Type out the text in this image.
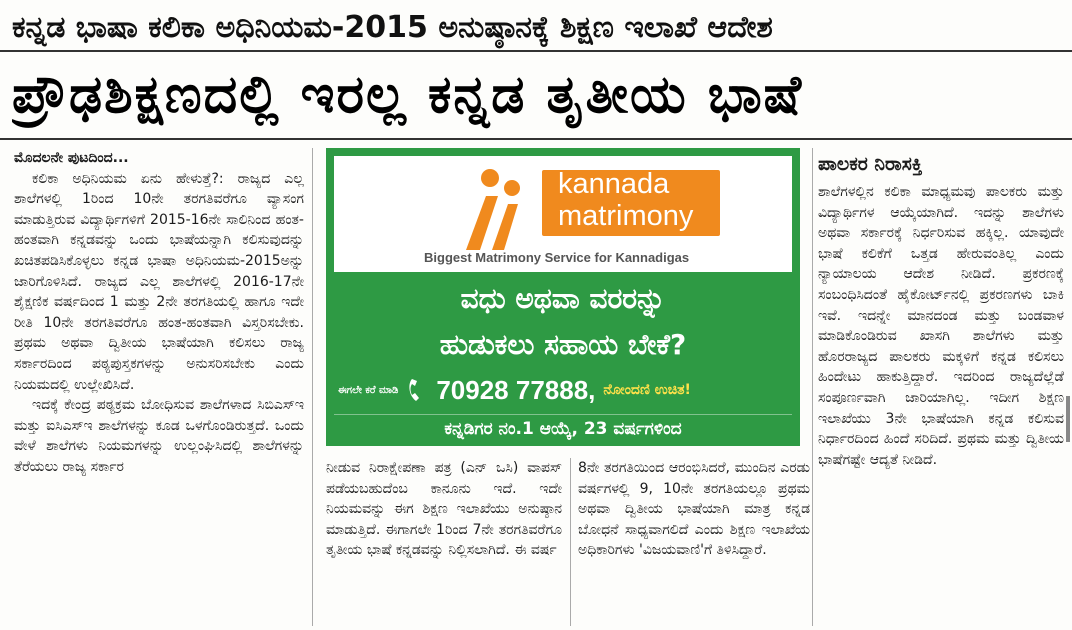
ಕನ್ನಡ ಭಾಷಾ ಕಲಿಕಾ ಅಧಿನಿಯಮ-2015 ಅನುಷ್ಠಾನಕ್ಕೆ ಶಿಕ್ಷಣ ಇಲಾಖೆ ಆದೇಶ
ಪ್ರೌಢಶಿಕ್ಷಣದಲ್ಲಿ ಇರಲ್ಲ ಕನ್ನಡ ತೃತೀಯ ಭಾಷೆ

ಮೊದಲನೇ ಪುಟದಿಂದ...

ಕಲಿಕಾ ಅಧಿನಿಯಮ ಏನು ಹೇಳುತ್ತೆ?: ರಾಜ್ಯದ ಎಲ್ಲ ಶಾಲೆಗಳಲ್ಲಿ 1ರಿಂದ 10ನೇ ತರಗತಿವರೆಗೂ ವ್ಯಾಸಂಗ ಮಾಡುತ್ತಿರುವ ವಿದ್ಯಾರ್ಥಿಗಳಿಗೆ 2015-16ನೇ ಸಾಲಿನಿಂದ ಹಂತ-ಹಂತವಾಗಿ ಕನ್ನಡವನ್ನು ಒಂದು ಭಾಷೆಯನ್ನಾಗಿ ಕಲಿಸುವುದನ್ನು ಖಚಿತಪಡಿಸಿಕೊಳ್ಳಲು ಕನ್ನಡ ಭಾಷಾ ಅಧಿನಿಯಮ-2015ಅನ್ನು ಜಾರಿಗೊಳಿಸಿದೆ. ರಾಜ್ಯದ ಎಲ್ಲ ಶಾಲೆಗಳಲ್ಲಿ 2016-17ನೇ ಶೈಕ್ಷಣಿಕ ವರ್ಷದಿಂದ 1 ಮತ್ತು 2ನೇ ತರಗತಿಯಲ್ಲಿ ಹಾಗೂ ಇದೇ ರೀತಿ 10ನೇ ತರಗತಿವರೆಗೂ ಹಂತ-ಹಂತವಾಗಿ ವಿಸ್ತರಿಸಬೇಕು. ಪ್ರಥಮ ಅಥವಾ ದ್ವಿತೀಯ ಭಾಷೆಯಾಗಿ ಕಲಿಸಲು ರಾಜ್ಯ ಸರ್ಕಾರದಿಂದ ಪಠ್ಯಪುಸ್ತಕಗಳನ್ನು ಅನುಸರಿಸಬೇಕು ಎಂದು ನಿಯಮದಲ್ಲಿ ಉಲ್ಲೇಖಿಸಿದೆ.

ಇದಕ್ಕೆ ಕೇಂದ್ರ ಪಠ್ಯಕ್ರಮ ಬೋಧಿಸುವ ಶಾಲೆಗಳಾದ ಸಿಬಿಎಸ್‌ಇ ಮತ್ತು ಐಸಿಎಸ್‌ಇ ಶಾಲೆಗಳನ್ನು ಕೂಡ ಒಳಗೊಂಡಿರುತ್ತದೆ. ಒಂದು ವೇಳೆ ಶಾಲೆಗಳು ನಿಯಮಗಳನ್ನು ಉಲ್ಲಂಘಿಸಿದಲ್ಲಿ ಶಾಲೆಗಳನ್ನು ತೆರೆಯಲು ರಾಜ್ಯ ಸರ್ಕಾರ

kannada
matrimony
Biggest Matrimony Service for Kannadigas
ವಧು ಅಥವಾ ವರರನ್ನು
ಹುಡುಕಲು ಸಹಾಯ ಬೇಕೆ?
ಈಗಲೇ ಕರೆ ಮಾಡಿ 70928 77888, ನೋಂದಣಿ ಉಚಿತ!
ಕನ್ನಡಿಗರ ನಂ.1 ಆಯ್ಕೆ, 23 ವರ್ಷಗಳಿಂದ

ನೀಡುವ ನಿರಾಕ್ಷೇಪಣಾ ಪತ್ರ (ಎನ್ ಒಸಿ) ವಾಪಸ್ ಪಡೆಯಬಹುದೆಂಬ ಕಾನೂನು ಇದೆ. ಇದೇ ನಿಯಮವನ್ನು ಈಗ ಶಿಕ್ಷಣ ಇಲಾಖೆಯು ಅನುಷ್ಠಾನ ಮಾಡುತ್ತಿದೆ. ಈಗಾಗಲೇ 1ರಿಂದ 7ನೇ ತರಗತಿವರೆಗೂ ತೃತೀಯ ಭಾಷೆ ಕನ್ನಡವನ್ನು ನಿಲ್ಲಿಸಲಾಗಿದೆ. ಈ ವರ್ಷ

8ನೇ ತರಗತಿಯಿಂದ ಆರಂಭಿಸಿದರೆ, ಮುಂದಿನ ಎರಡು ವರ್ಷಗಳಲ್ಲಿ 9, 10ನೇ ತರಗತಿಯಲ್ಲೂ ಪ್ರಥಮ ಅಥವಾ ದ್ವಿತೀಯ ಭಾಷೆಯಾಗಿ ಮಾತ್ರ ಕನ್ನಡ ಬೋಧನೆ ಸಾಧ್ಯವಾಗಲಿದೆ ಎಂದು ಶಿಕ್ಷಣ ಇಲಾಖೆಯ ಅಧಿಕಾರಿಗಳು 'ವಿಜಯವಾಣಿ'ಗೆ ತಿಳಿಸಿದ್ದಾರೆ.

ಪಾಲಕರ ನಿರಾಸಕ್ತಿ

ಶಾಲೆಗಳಲ್ಲಿನ ಕಲಿಕಾ ಮಾಧ್ಯಮವು ಪಾಲಕರು ಮತ್ತು ವಿದ್ಯಾರ್ಥಿಗಳ ಆಯ್ಕೆಯಾಗಿದೆ. ಇದನ್ನು ಶಾಲೆಗಳು ಅಥವಾ ಸರ್ಕಾರಕ್ಕೆ ನಿರ್ಧರಿಸುವ ಹಕ್ಕಿಲ್ಲ. ಯಾವುದೇ ಭಾಷೆ ಕಲಿಕೆಗೆ ಒತ್ತಡ ಹೇರುವಂತಿಲ್ಲ ಎಂದು ನ್ಯಾಯಾಲಯ ಆದೇಶ ನೀಡಿದೆ. ಪ್ರಕರಣಕ್ಕೆ ಸಂಬಂಧಿಸಿದಂತೆ ಹೈಕೋರ್ಟ್‌ನಲ್ಲಿ ಪ್ರಕರಣಗಳು ಬಾಕಿ ಇವೆ. ಇದನ್ನೇ ಮಾನದಂಡ ಮತ್ತು ಬಂಡವಾಳ ಮಾಡಿಕೊಂಡಿರುವ ಖಾಸಗಿ ಶಾಲೆಗಳು ಮತ್ತು ಹೊರರಾಜ್ಯದ ಪಾಲಕರು ಮಕ್ಕಳಿಗೆ ಕನ್ನಡ ಕಲಿಸಲು ಹಿಂದೇಟು ಹಾಕುತ್ತಿದ್ದಾರೆ. ಇದರಿಂದ ರಾಜ್ಯದೆಲ್ಲೆಡೆ ಸಂಪೂರ್ಣವಾಗಿ ಜಾರಿಯಾಗಿಲ್ಲ. ಇದೀಗ ಶಿಕ್ಷಣ ಇಲಾಖೆಯು 3ನೇ ಭಾಷೆಯಾಗಿ ಕನ್ನಡ ಕಲಿಸುವ ನಿರ್ಧಾರದಿಂದ ಹಿಂದೆ ಸರಿದಿದೆ. ಪ್ರಥಮ ಮತ್ತು ದ್ವಿತೀಯ ಭಾಷೆಗಷ್ಟೇ ಆದ್ಯತೆ ನೀಡಿದೆ.
